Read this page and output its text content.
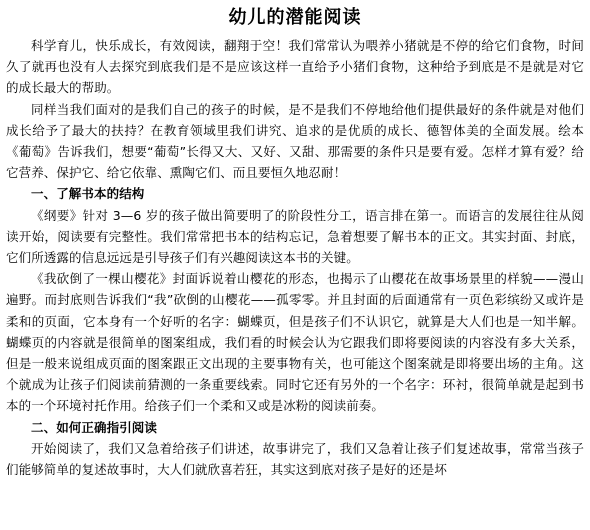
幼儿的潜能阅读

科学育儿，快乐成长，有效阅读，翻翔于空！我们常常认为喂养小猪就是不停的给它们食物，时间久了就再也没有人去探究到底我们是不是应该这样一直给予小猪们食物，这种给予到底是不是就是对它的成长最大的帮助。

同样当我们面对的是我们自己的孩子的时候，是不是我们不停地给他们提供最好的条件就是对他们成长给予了最大的扶持？在教育领域里我们讲究、追求的是优质的成长、德智体美的全面发展。绘本《葡萄》告诉我们，想要“葡萄”长得又大、又好、又甜、那需要的条件只是要有爱。怎样才算有爱？给它营养、保护它、给它依靠、熏陶它们、而且要恒久地忍耐！

一、了解书本的结构

《纲要》针对 3—6 岁的孩子做出简要明了的阶段性分工，语言排在第一。而语言的发展往往从阅读开始，阅读要有完整性。我们常常把书本的结构忘记，急着想要了解书本的正文。其实封面、封底，它们所透露的信息远远是引导孩子们有兴趣阅读这本书的关键。

《我砍倒了一棵山樱花》封面诉说着山樱花的形态，也揭示了山樱花在故事场景里的样貌——漫山遍野。而封底则告诉我们“我”砍倒的山樱花——孤零零。并且封面的后面通常有一页色彩缤纷又或许是柔和的页面，它本身有一个好听的名字：蝴蝶页，但是孩子们不认识它，就算是大人们也是一知半解。蝴蝶页的内容就是很简单的图案组成，我们看的时候会认为它跟我们即将要阅读的内容没有多大关系，但是一般来说组成页面的图案跟正文出现的主要事物有关，也可能这个图案就是即将要出场的主角。这个就成为让孩子们阅读前猜测的一条重要线索。同时它还有另外的一个名字：环衬，很简单就是起到书本的一个环境衬托作用。给孩子们一个柔和又或是冰粉的阅读前奏。

二、如何正确指引阅读

开始阅读了，我们又急着给孩子们讲述，故事讲完了，我们又急着让孩子们复述故事，常常当孩子们能够简单的复述故事时，大人们就欣喜若狂，其实这到底对孩子是好的还是坏
